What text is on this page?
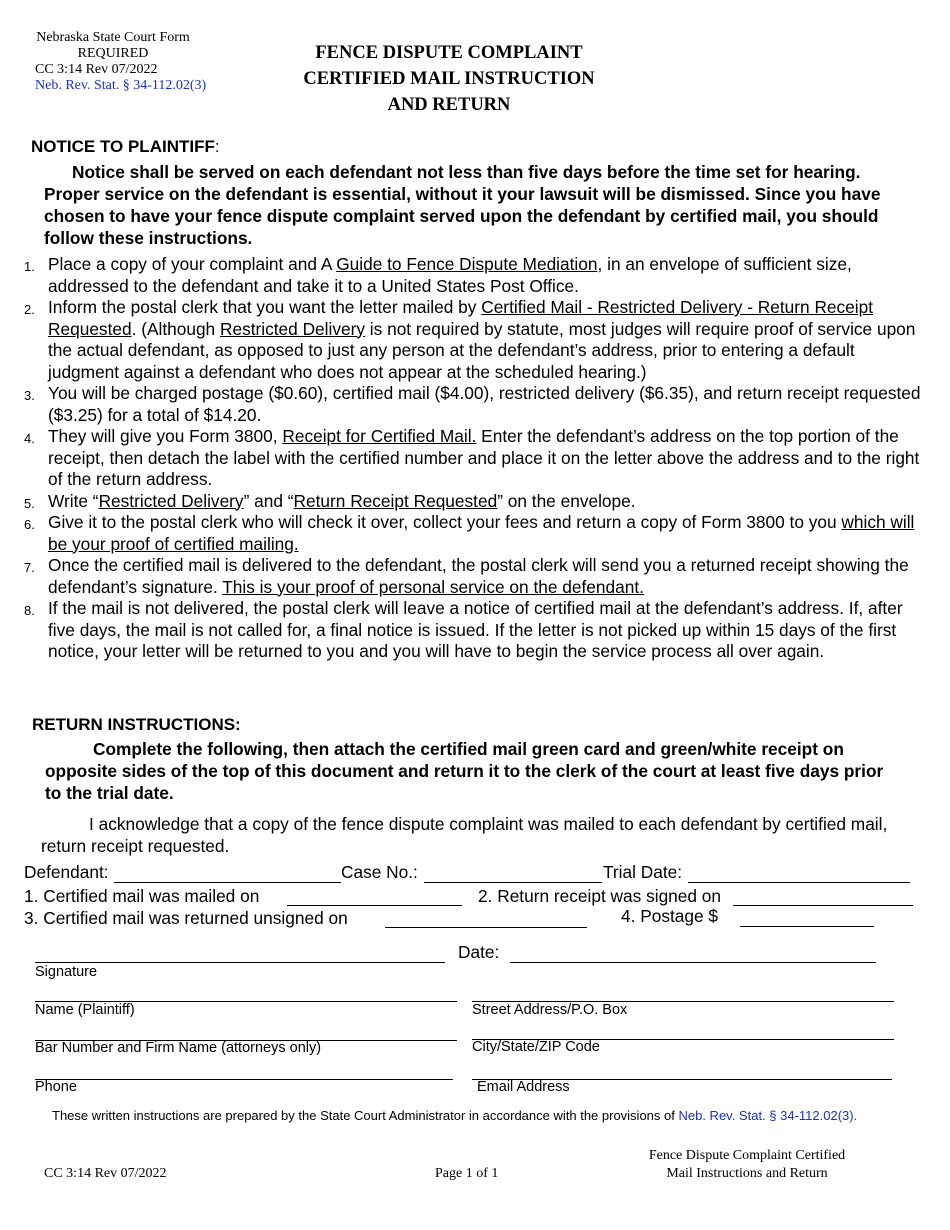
Nebraska State Court Form
REQUIRED
CC 3:14 Rev 07/2022
Neb. Rev. Stat. § 34-112.02(3)
FENCE DISPUTE COMPLAINT
CERTIFIED MAIL INSTRUCTION
AND RETURN
NOTICE TO PLAINTIFF:
Notice shall be served on each defendant not less than five days before the time set for hearing. Proper service on the defendant is essential, without it your lawsuit will be dismissed. Since you have chosen to have your fence dispute complaint served upon the defendant by certified mail, you should follow these instructions.
1. Place a copy of your complaint and A Guide to Fence Dispute Mediation, in an envelope of sufficient size, addressed to the defendant and take it to a United States Post Office.
2. Inform the postal clerk that you want the letter mailed by Certified Mail - Restricted Delivery - Return Receipt Requested. (Although Restricted Delivery is not required by statute, most judges will require proof of service upon the actual defendant, as opposed to just any person at the defendant’s address, prior to entering a default judgment against a defendant who does not appear at the scheduled hearing.)
3. You will be charged postage ($0.60), certified mail ($4.00), restricted delivery ($6.35), and return receipt requested ($3.25) for a total of $14.20.
4. They will give you Form 3800, Receipt for Certified Mail. Enter the defendant’s address on the top portion of the receipt, then detach the label with the certified number and place it on the letter above the address and to the right of the return address.
5. Write “Restricted Delivery” and “Return Receipt Requested” on the envelope.
6. Give it to the postal clerk who will check it over, collect your fees and return a copy of Form 3800 to you which will be your proof of certified mailing.
7. Once the certified mail is delivered to the defendant, the postal clerk will send you a returned receipt showing the defendant’s signature. This is your proof of personal service on the defendant.
8. If the mail is not delivered, the postal clerk will leave a notice of certified mail at the defendant’s address. If, after five days, the mail is not called for, a final notice is issued. If the letter is not picked up within 15 days of the first notice, your letter will be returned to you and you will have to begin the service process all over again.
RETURN INSTRUCTIONS:
Complete the following, then attach the certified mail green card and green/white receipt on opposite sides of the top of this document and return it to the clerk of the court at least five days prior to the trial date.
I acknowledge that a copy of the fence dispute complaint was mailed to each defendant by certified mail, return receipt requested.
Defendant:	Case No.:	Trial Date:
1. Certified mail was mailed on	2. Return receipt was signed on
3. Certified mail was returned unsigned on	4. Postage $
Date:
Signature
Name (Plaintiff)	Street Address/P.O. Box
Bar Number and Firm Name (attorneys only)	City/State/ZIP Code
Phone	Email Address
These written instructions are prepared by the State Court Administrator in accordance with the provisions of Neb. Rev. Stat. § 34-112.02(3).
CC 3:14 Rev 07/2022	Page 1 of 1
Fence Dispute Complaint Certified
Mail Instructions and Return
